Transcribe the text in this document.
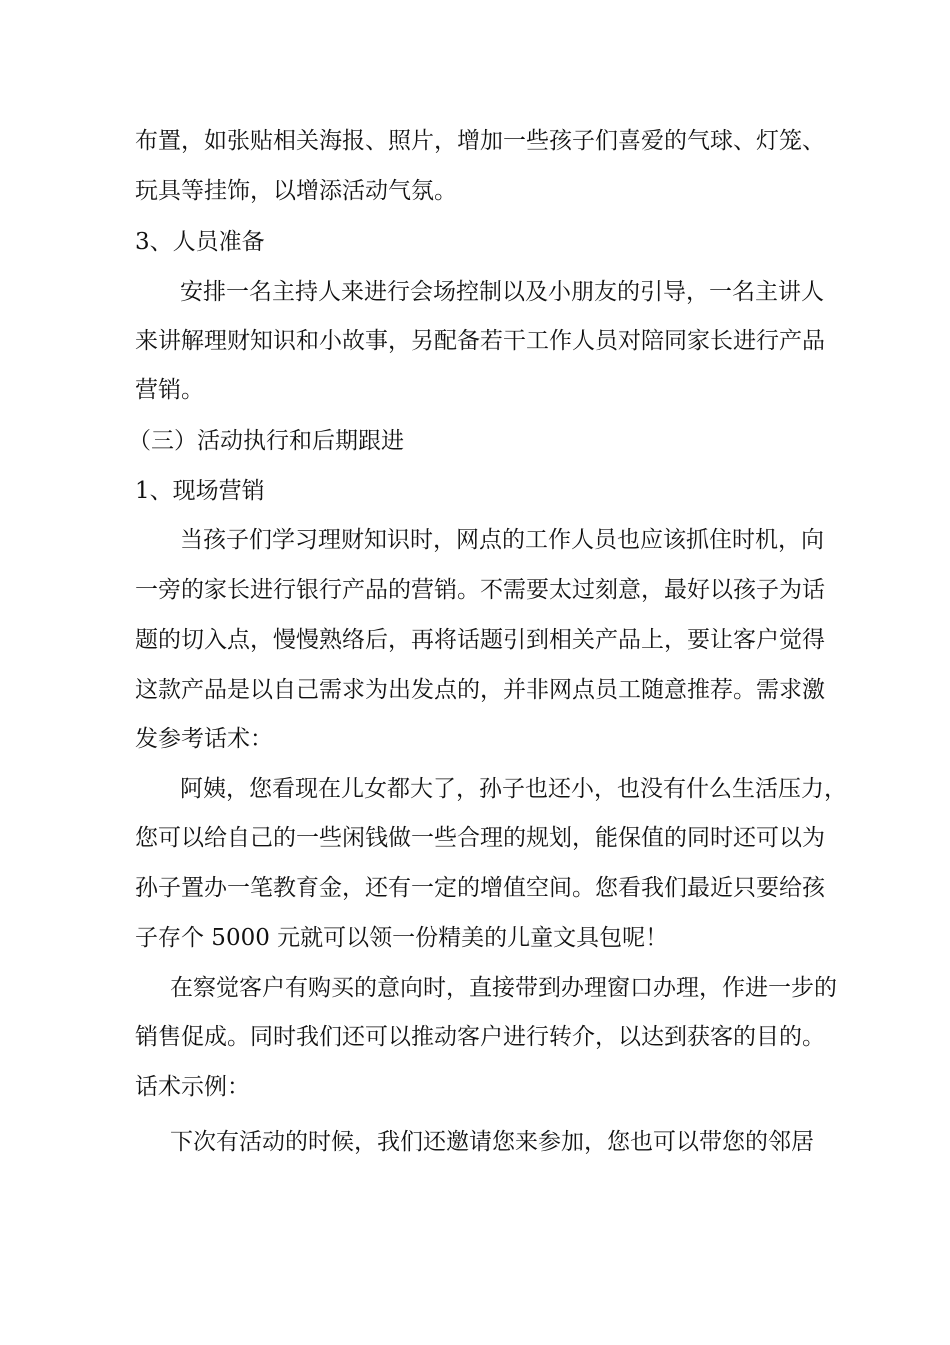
布置，如张贴相关海报、照片，增加一些孩子们喜爱的气球、灯笼、
玩具等挂饰，以增添活动气氛。
3、人员准备
安排一名主持人来进行会场控制以及小朋友的引导，一名主讲人
来讲解理财知识和小故事，另配备若干工作人员对陪同家长进行产品
营销。
（三）活动执行和后期跟进
1、现场营销
当孩子们学习理财知识时，网点的工作人员也应该抓住时机，向
一旁的家长进行银行产品的营销。不需要太过刻意，最好以孩子为话
题的切入点，慢慢熟络后，再将话题引到相关产品上，要让客户觉得
这款产品是以自己需求为出发点的，并非网点员工随意推荐。需求激
发参考话术：
阿姨，您看现在儿女都大了，孙子也还小，也没有什么生活压力，
您可以给自己的一些闲钱做一些合理的规划，能保值的同时还可以为
孙子置办一笔教育金，还有一定的增值空间。您看我们最近只要给孩
子存个 5000 元就可以领一份精美的儿童文具包呢！
在察觉客户有购买的意向时，直接带到办理窗口办理，作进一步的
销售促成。同时我们还可以推动客户进行转介，以达到获客的目的。
话术示例：
下次有活动的时候，我们还邀请您来参加，您也可以带您的邻居
